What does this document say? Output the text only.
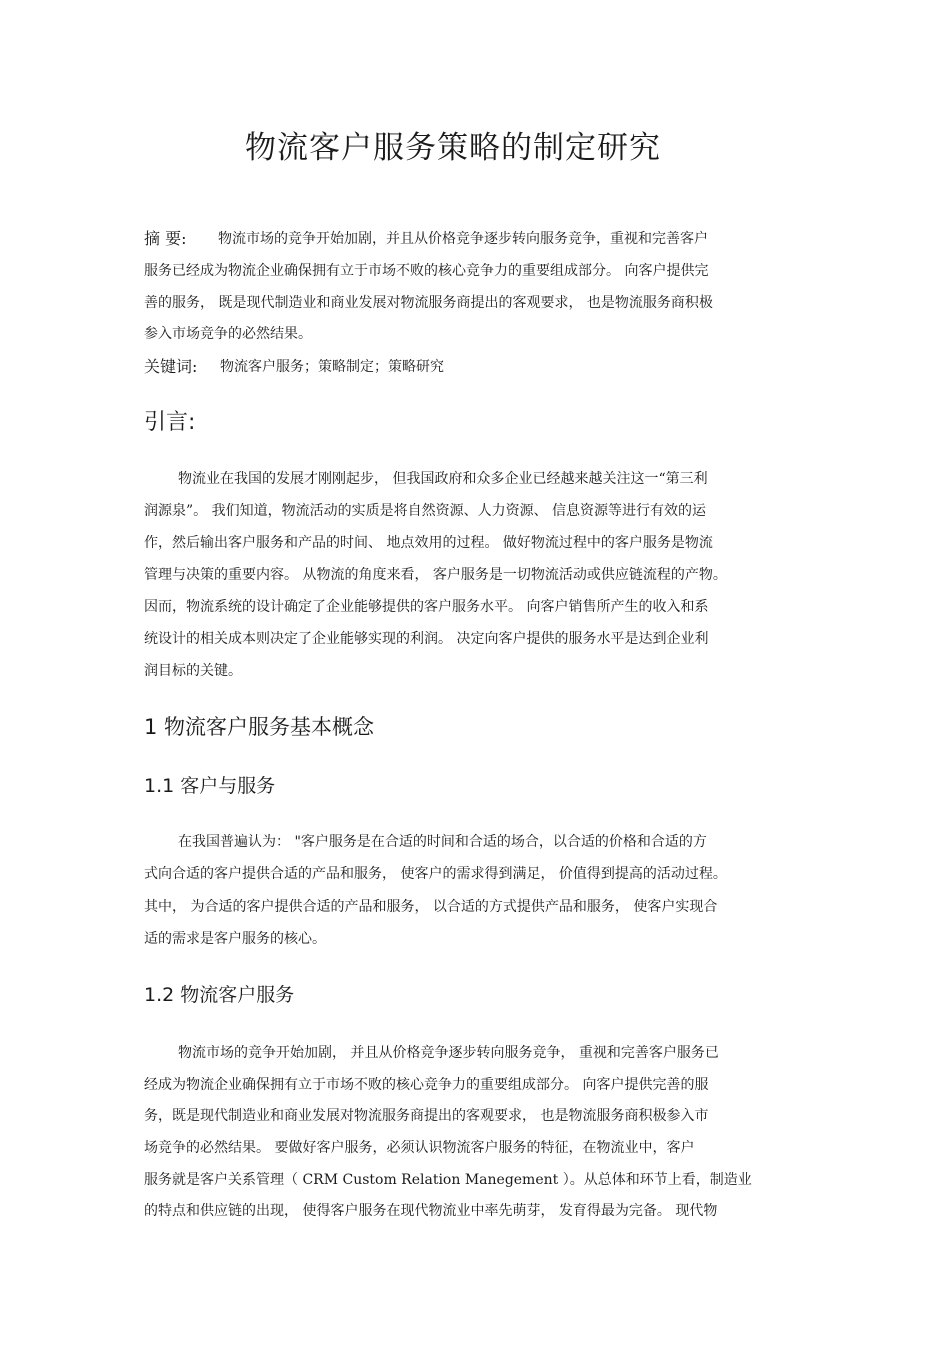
物流客户服务策略的制定研究
摘 要: 物流市场的竞争开始加剧，并且从价格竞争逐步转向服务竞争，重视和完善客户
服务已经成为物流企业确保拥有立于市场不败的核心竞争力的重要组成部分。 向客户提供完
善的服务， 既是现代制造业和商业发展对物流服务商提出的客观要求， 也是物流服务商积极
参入市场竞争的必然结果。
关键词: 物流客户服务；策略制定；策略研究
引言:
物流业在我国的发展才刚刚起步， 但我国政府和众多企业已经越来越关注这一“第三利
润源泉”。 我们知道，物流活动的实质是将自然资源、人力资源、 信息资源等进行有效的运
作，然后输出客户服务和产品的时间、 地点效用的过程。 做好物流过程中的客户服务是物流
管理与决策的重要内容。 从物流的角度来看， 客户服务是一切物流活动或供应链流程的产物。
因而，物流系统的设计确定了企业能够提供的客户服务水平。 向客户销售所产生的收入和系
统设计的相关成本则决定了企业能够实现的利润。 决定向客户提供的服务水平是达到企业利
润目标的关键。
1 物流客户服务基本概念
1.1 客户与服务
在我国普遍认为： "客户服务是在合适的时间和合适的场合，以合适的价格和合适的方
式向合适的客户提供合适的产品和服务， 使客户的需求得到满足， 价值得到提高的活动过程。
其中， 为合适的客户提供合适的产品和服务， 以合适的方式提供产品和服务， 使客户实现合
适的需求是客户服务的核心。
1.2 物流客户服务
物流市场的竞争开始加剧， 并且从价格竞争逐步转向服务竞争， 重视和完善客户服务已
经成为物流企业确保拥有立于市场不败的核心竞争力的重要组成部分。 向客户提供完善的服
务，既是现代制造业和商业发展对物流服务商提出的客观要求， 也是物流服务商积极参入市
场竞争的必然结果。 要做好客户服务，必须认识物流客户服务的特征，在物流业中，客户
服务就是客户关系管理（ CRM Custom Relation Manegement ）。从总体和环节上看，制造业
的特点和供应链的出现， 使得客户服务在现代物流业中率先萌芽， 发育得最为完备。 现代物
